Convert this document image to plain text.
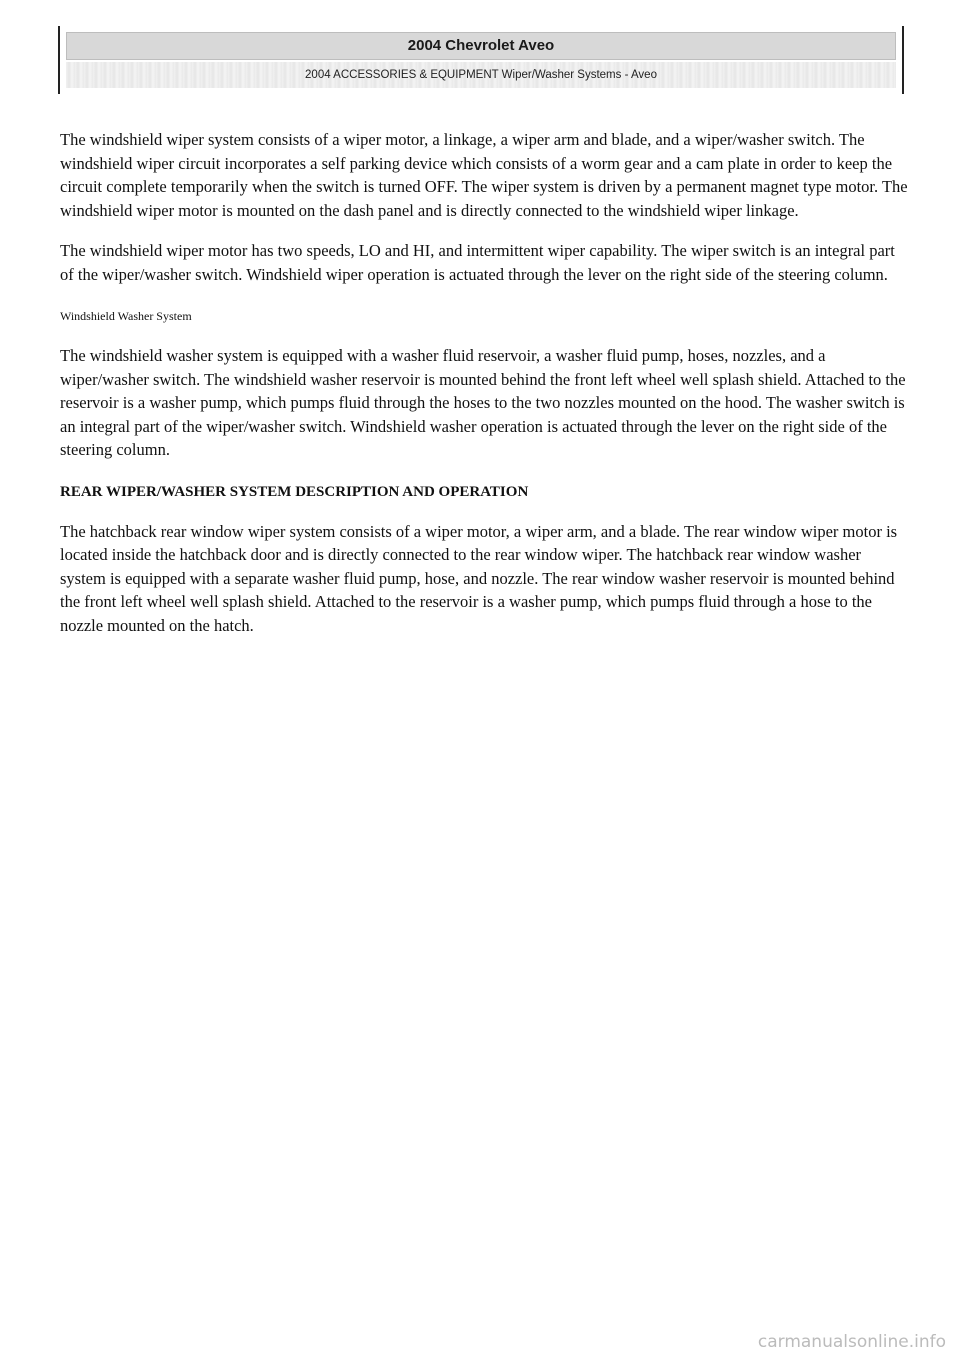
2004 Chevrolet Aveo
2004 ACCESSORIES & EQUIPMENT Wiper/Washer Systems - Aveo

The windshield wiper system consists of a wiper motor, a linkage, a wiper arm and blade, and a wiper/washer switch. The windshield wiper circuit incorporates a self parking device which consists of a worm gear and a cam plate in order to keep the circuit complete temporarily when the switch is turned OFF. The wiper system is driven by a permanent magnet type motor. The windshield wiper motor is mounted on the dash panel and is directly connected to the windshield wiper linkage.

The windshield wiper motor has two speeds, LO and HI, and intermittent wiper capability. The wiper switch is an integral part of the wiper/washer switch. Windshield wiper operation is actuated through the lever on the right side of the steering column.

Windshield Washer System

The windshield washer system is equipped with a washer fluid reservoir, a washer fluid pump, hoses, nozzles, and a wiper/washer switch. The windshield washer reservoir is mounted behind the front left wheel well splash shield. Attached to the reservoir is a washer pump, which pumps fluid through the hoses to the two nozzles mounted on the hood. The washer switch is an integral part of the wiper/washer switch. Windshield washer operation is actuated through the lever on the right side of the steering column.

REAR WIPER/WASHER SYSTEM DESCRIPTION AND OPERATION

The hatchback rear window wiper system consists of a wiper motor, a wiper arm, and a blade. The rear window wiper motor is located inside the hatchback door and is directly connected to the rear window wiper. The hatchback rear window washer system is equipped with a separate washer fluid pump, hose, and nozzle. The rear window washer reservoir is mounted behind the front left wheel well splash shield. Attached to the reservoir is a washer pump, which pumps fluid through a hose to the nozzle mounted on the hatch.

carmanualsonline.info
